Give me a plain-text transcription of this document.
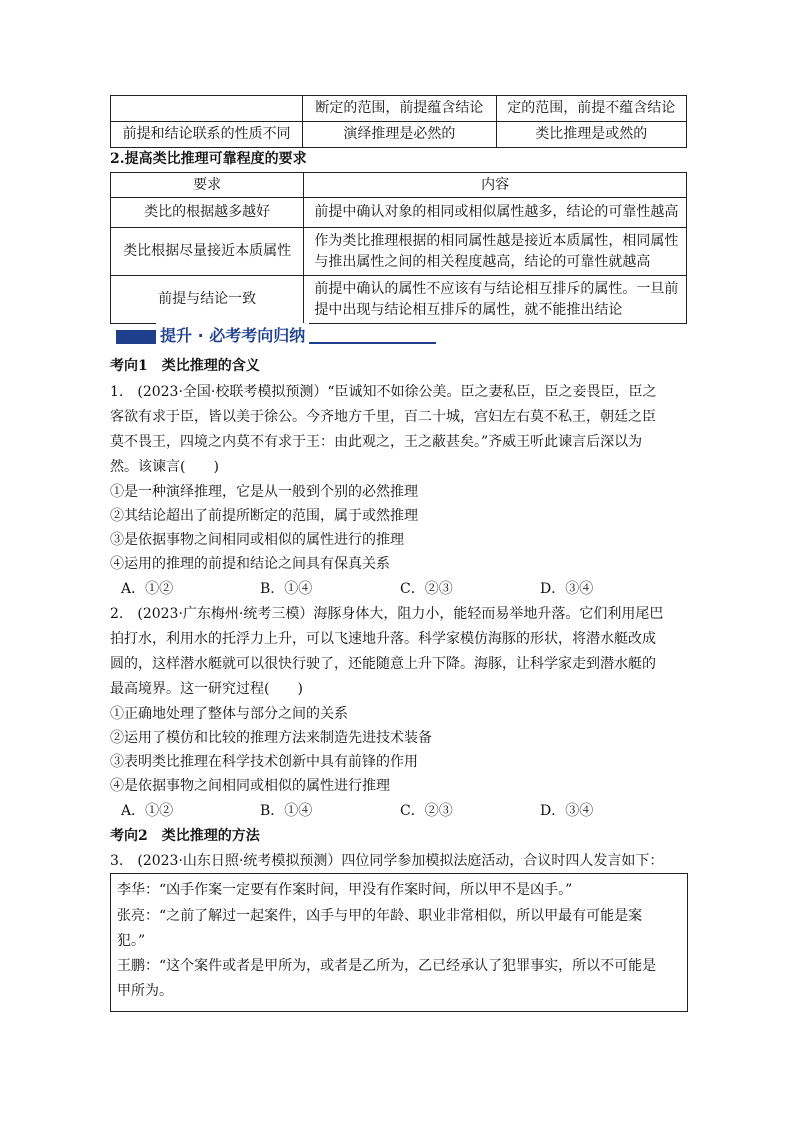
	断定的范围，前提蕴含结论	定的范围，前提不蕴含结论
前提和结论联系的性质不同	演绎推理是必然的	类比推理是或然的
2.提高类比推理可靠程度的要求
要求	内容
类比的根据越多越好	前提中确认对象的相同或相似属性越多，结论的可靠性越高
类比根据尽量接近本质属性	作为类比推理根据的相同属性越是接近本质属性，相同属性
与推出属性之间的相关程度越高，结论的可靠性就越高
前提与结论一致	前提中确认的属性不应该有与结论相互排斥的属性。一旦前
提中出现与结论相互排斥的属性，就不能推出结论
提升 · 必考考向归纳
考向1　类比推理的含义
1.　(2023·全国·校联考模拟预测）“臣诚知不如徐公美。臣之妻私臣，臣之妾畏臣，臣之
客欲有求于臣，皆以美于徐公。今齐地方千里，百二十城，宫妇左右莫不私王，朝廷之臣
莫不畏王，四境之内莫不有求于王：由此观之，王之蔽甚矣。”齐威王听此谏言后深以为
然。该谏言(　　)
①是一种演绎推理，它是从一般到个别的必然推理
②其结论超出了前提所断定的范围，属于或然推理
③是依据事物之间相同或相似的属性进行的推理
④运用的推理的前提和结论之间具有保真关系
A．①②	B．①④	C．②③	D．③④
2.　(2023·广东梅州·统考三模）海豚身体大，阻力小，能轻而易举地升落。它们利用尾巴
拍打水，利用水的托浮力上升，可以飞速地升落。科学家模仿海豚的形状，将潜水艇改成
圆的，这样潜水艇就可以很快行驶了，还能随意上升下降。海豚，让科学家走到潜水艇的
最高境界。这一研究过程(　　)
①正确地处理了整体与部分之间的关系
②运用了模仿和比较的推理方法来制造先进技术装备
③表明类比推理在科学技术创新中具有前锋的作用
④是依据事物之间相同或相似的属性进行推理
A．①②	B．①④	C．②③	D．③④
考向2　类比推理的方法
3.　(2023·山东日照·统考模拟预测）四位同学参加模拟法庭活动，合议时四人发言如下：
李华：“凶手作案一定要有作案时间，甲没有作案时间，所以甲不是凶手。”
张亮：“之前了解过一起案件，凶手与甲的年龄、职业非常相似，所以甲最有可能是案
犯。”
王鹏：“这个案件或者是甲所为，或者是乙所为，乙已经承认了犯罪事实，所以不可能是
甲所为。
